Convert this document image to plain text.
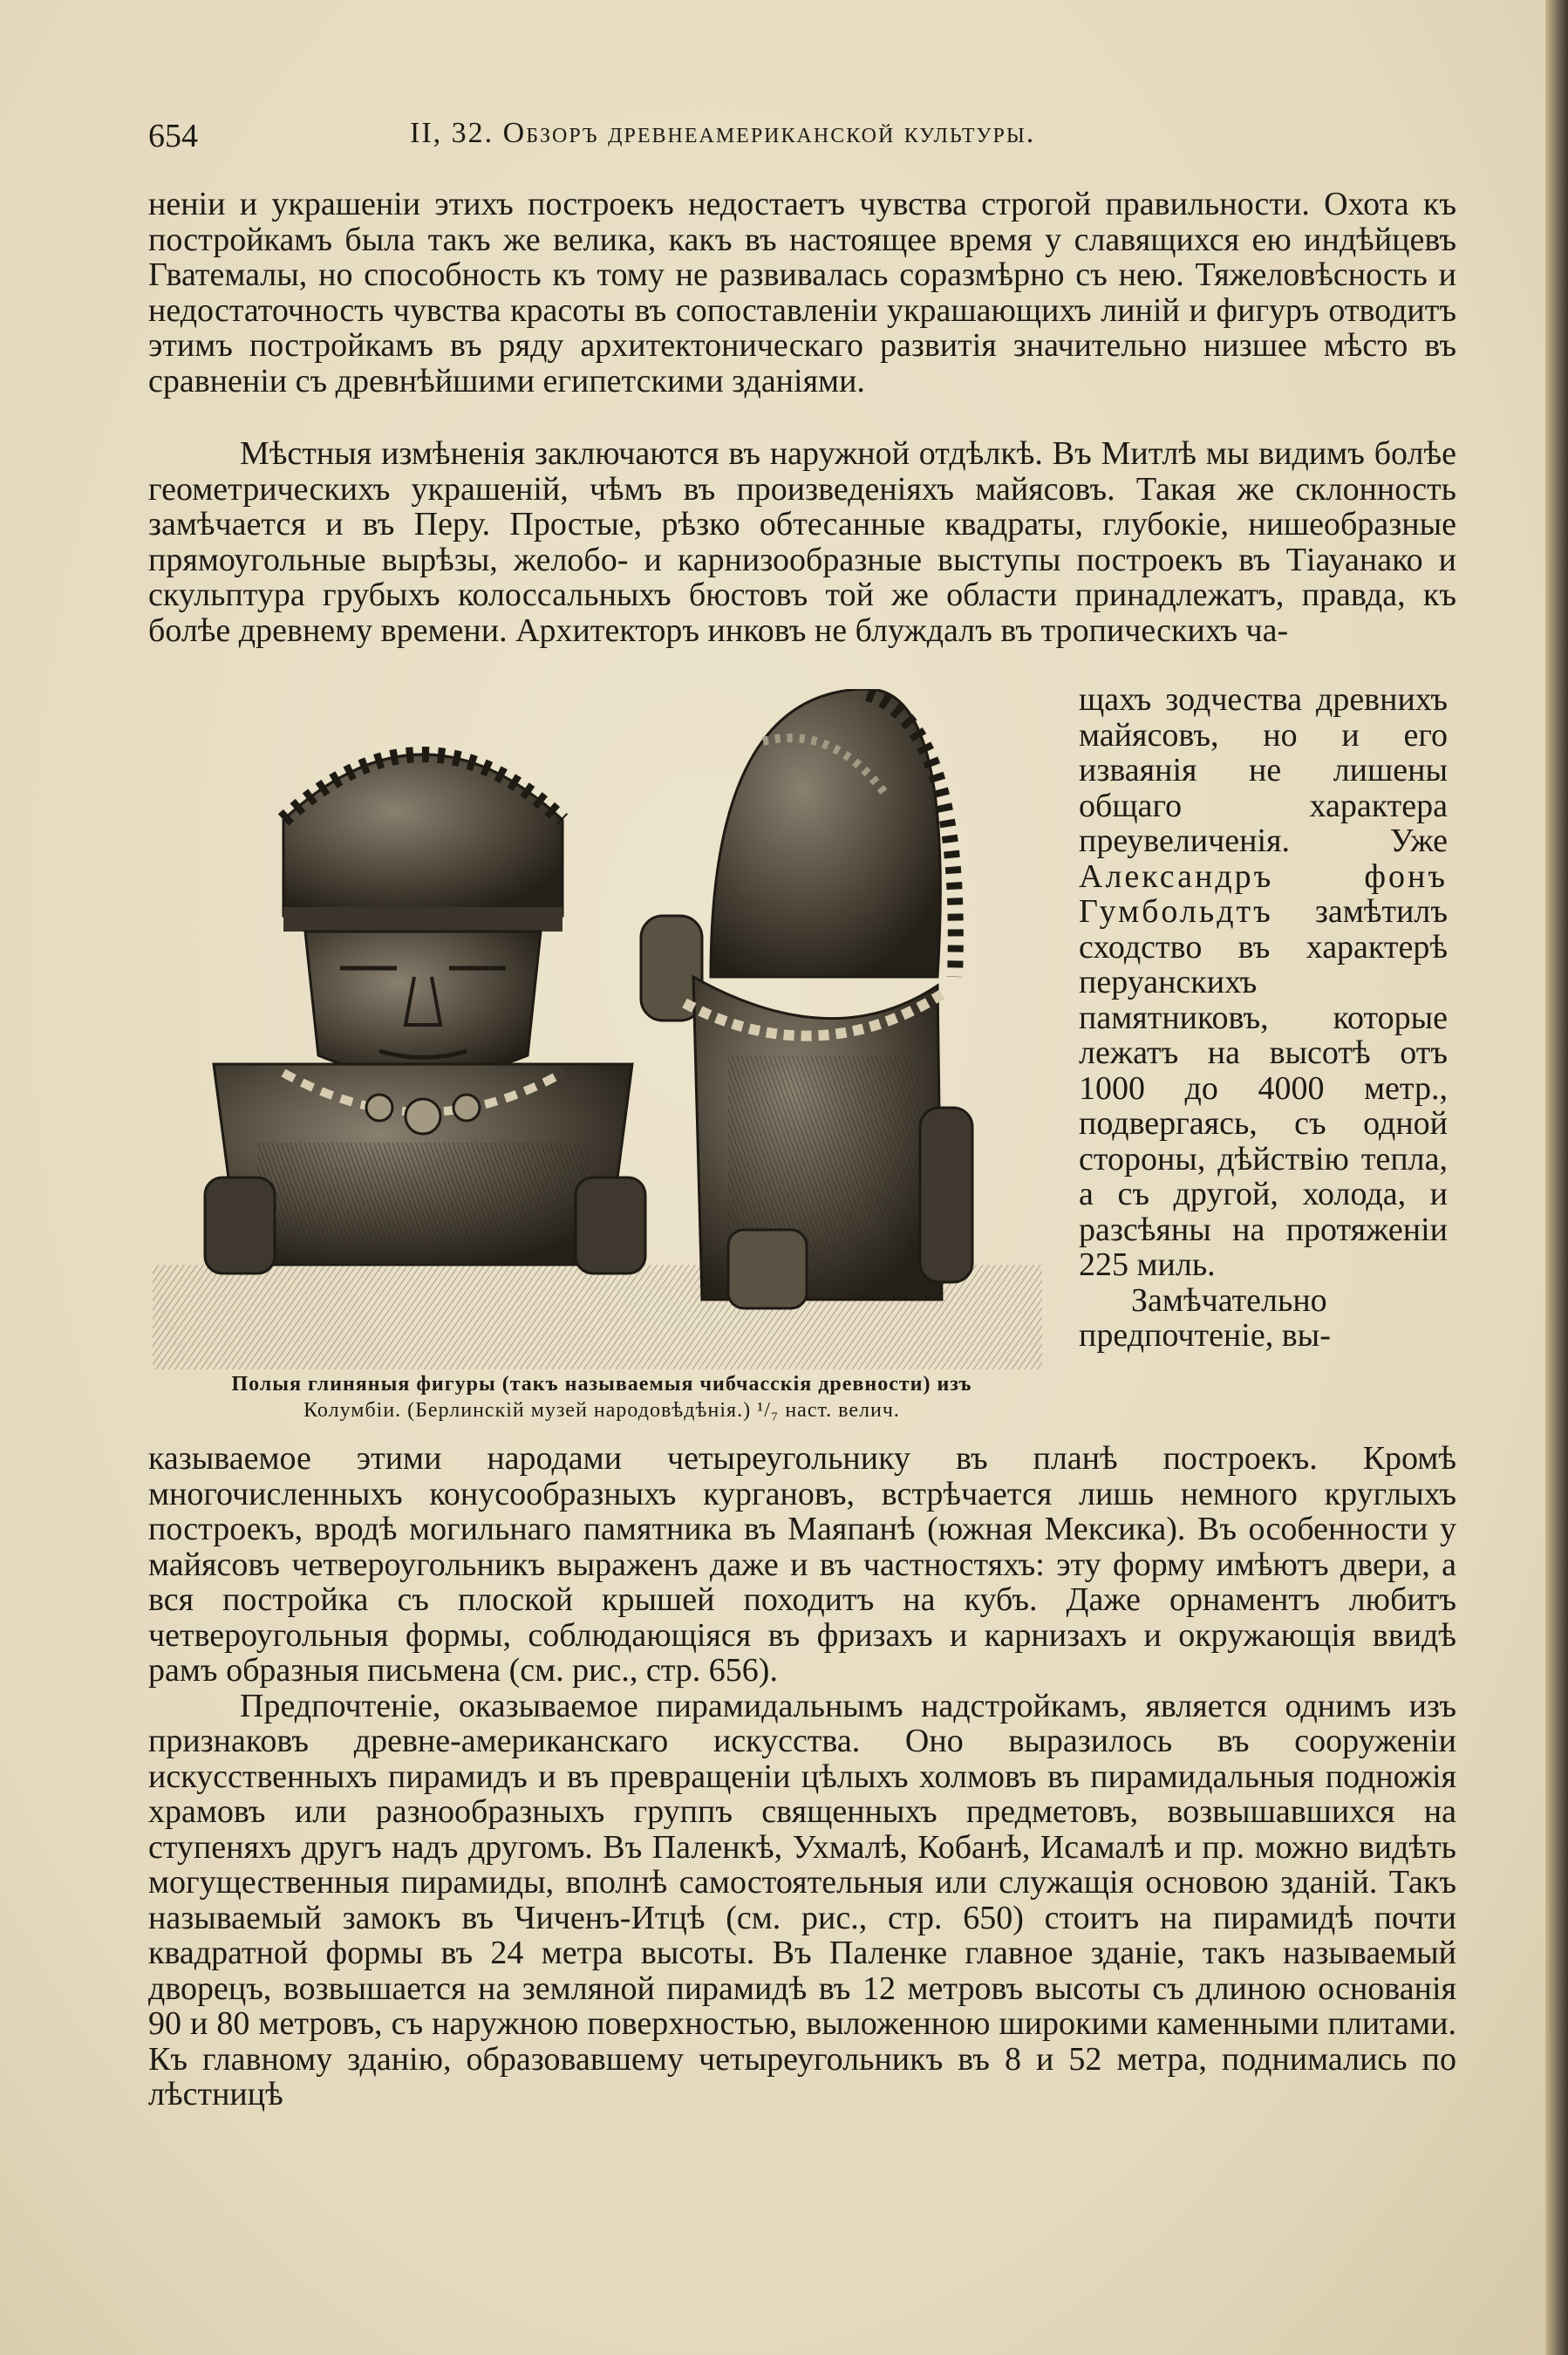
654	II, 32. Обзоръ древнеамериканской культуры.

неніи и украшеніи этихъ построекъ недостаетъ чувства строгой правильности. Охота къ постройкамъ была такъ же велика, какъ въ настоящее время у славящихся ею индѣйцевъ Гватемалы, но способность къ тому не развивалась соразмѣрно съ нею. Тяжеловѣсность и недостаточность чувства красоты въ сопоставленіи украшающихъ линій и фигуръ отводитъ этимъ постройкамъ въ ряду архитектоническаго развитія значительно низшее мѣсто въ сравненіи съ древнѣйшими египетскими зданіями.

Мѣстныя измѣненія заключаются въ наружной отдѣлкѣ. Въ Митлѣ мы видимъ болѣе геометрическихъ украшеній, чѣмъ въ произведеніяхъ майясовъ. Такая же склонность замѣчается и въ Перу. Простые, рѣзко обтесанные квадраты, глубокіе, нишеобразные прямоугольные вырѣзы, желобо- и карнизообразные выступы построекъ въ Тіауанако и скульптура грубыхъ колоссальныхъ бюстовъ той же области принадлежатъ, правда, къ болѣе древнему времени. Архитекторъ инковъ не блуждалъ въ тропическихъ ча-

Полыя глиняныя фигуры (такъ называемыя чибчасскія древности) изъ
Колумбіи. (Берлинскій музей народовѣдѣнія.) ¹/₇ наст. велич.

щахъ зодчества древнихъ майясовъ, но и его изваянія не лишены общаго характера преувеличенія. Уже Александръ	фонъ Гумбольдтъ замѣтилъ сходство въ характерѣ перуанскихъ памятниковъ, которые лежатъ на высотѣ отъ 1000 до 4000 метр., подвергаясь, съ одной стороны, дѣйствію тепла, а съ другой, холода, и разсѣяны на протяженіи 225 миль.

Замѣчательно предпочтеніе, вы-

казываемое этими народами четыреугольнику въ планѣ построекъ. Кромѣ многочисленныхъ конусообразныхъ кургановъ, встрѣчается лишь немного круглыхъ построекъ, вродѣ могильнаго памятника въ Маяпанѣ (южная Мексика). Въ особенности у майясовъ четвероугольникъ выраженъ даже и въ частностяхъ: эту форму имѣютъ двери, а вся постройка съ плоской крышей походитъ на кубъ. Даже орнаментъ любитъ четвероугольныя формы, соблюдающіяся въ фризахъ и карнизахъ и окружающія ввидѣ рамъ образныя письмена (см. рис., стр. 656).

Предпочтеніе, оказываемое пирамидальнымъ надстройкамъ, является однимъ изъ признаковъ древне-американскаго искусства. Оно выразилось въ сооруженіи искусственныхъ пирамидъ и въ превращеніи цѣлыхъ холмовъ въ пирамидальныя подножія храмовъ или разнообразныхъ группъ священныхъ предметовъ, возвышавшихся на ступеняхъ другъ надъ другомъ. Въ Паленкѣ, Ухмалѣ, Кобанѣ, Исамалѣ и пр. можно видѣть могущественныя пирамиды, вполнѣ самостоятельныя или служащія основою зданій. Такъ называемый замокъ въ Чиченъ-Итцѣ (см. рис., стр. 650) стоитъ на пирамидѣ почти квадратной формы въ 24 метра высоты. Въ Паленке главное зданіе, такъ называемый дворецъ, возвышается на земляной пирамидѣ въ 12 метровъ высоты съ длиною основанія 90 и 80 метровъ, съ наружною поверхностью, выложенною широкими каменными плитами. Къ главному зданію, образовавшему четыреугольникъ въ 8 и 52 метра, поднимались по лѣстницѣ
